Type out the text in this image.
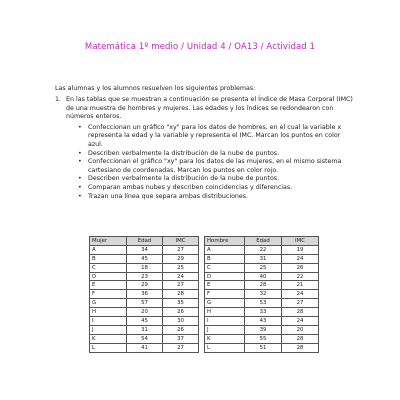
Matemática 1º medio / Unidad 4 / OA13 / Actividad 1
Las alumnas y los alumnos resuelven los siguientes problemas:
1. En las tablas que se muestran a continuación se presenta el Índice de Masa Corporal (IMC) de una muestra de hombres y mujeres. Las edades y los índices se redondearon con números enteros.
• Confeccionan un gráfico "xy" para los datos de hombres, en el cual la variable x representa la edad y la variable y representa el IMC. Marcan los puntos en color azul.
• Describen verbalmente la distribución de la nube de puntos.
• Confeccionan el gráfico "xy" para los datos de las mujeres, en el mismo sistema cartesiano de coordenadas. Marcan los puntos en color rojo.
• Describen verbalmente la distribución de la nube de puntos.
• Comparan ambas nubes y describen coincidencias y diferencias.
• Trazan una línea que separa ambas distribuciones.
Mujer	Edad	IMC
A	34	27
B	45	29
C	18	25
D	23	24
E	29	27
F	36	28
G	57	35
H	20	26
I	45	30
J	31	26
K	54	37
L	41	27
Hombre	Edad	IMC
A	22	19
B	31	24
C	25	26
D	40	22
E	28	21
F	32	24
G	53	27
H	33	28
I	43	24
J	39	20
K	55	28
L	51	28
